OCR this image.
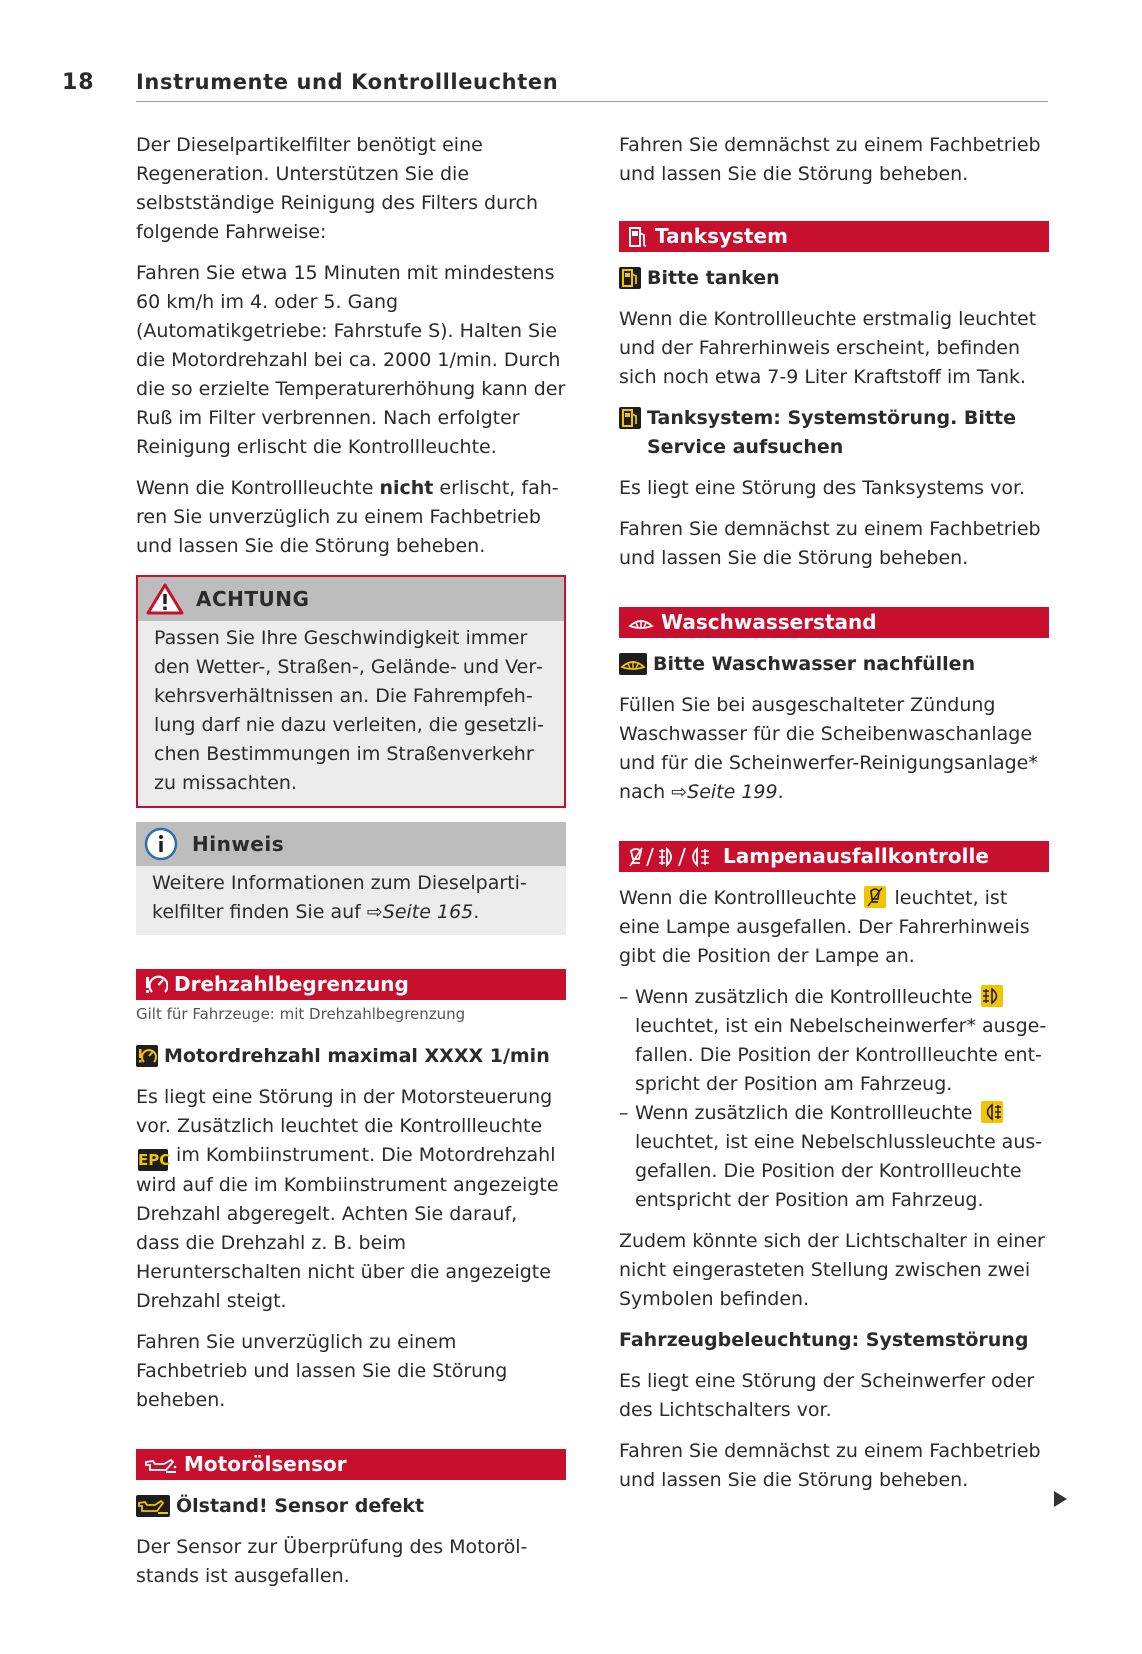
18 Instrumente und Kontrollleuchten

Der Dieselpartikelfilter benötigt eine Regeneration. Unterstützen Sie die selbstständige Reinigung des Filters durch folgende Fahrweise:

Fahren Sie etwa 15 Minuten mit mindestens 60 km/h im 4. oder 5. Gang (Automatikgetriebe: Fahrstufe S). Halten Sie die Motordrehzahl bei ca. 2000 1/min. Durch die so erzielte Temperaturerhöhung kann der Ruß im Filter verbrennen. Nach erfolgter Reinigung erlischt die Kontrollleuchte.

Wenn die Kontrollleuchte nicht erlischt, fahren Sie unverzüglich zu einem Fachbetrieb und lassen Sie die Störung beheben.

ACHTUNG
Passen Sie Ihre Geschwindigkeit immer den Wetter-, Straßen-, Gelände- und Verkehrsverhältnissen an. Die Fahrempfehlung darf nie dazu verleiten, die gesetzlichen Bestimmungen im Straßenverkehr zu missachten.
Hinweis
Weitere Informationen zum Dieselpartikelfilter finden Sie auf ⇨Seite 165.
Drehzahlbegrenzung
Gilt für Fahrzeuge: mit Drehzahlbegrenzung
Motordrehzahl maximal XXXX 1/min

Es liegt eine Störung in der Motorsteuerung vor. Zusätzlich leuchtet die Kontrollleuchte EPC im Kombiinstrument. Die Motordrehzahl wird auf die im Kombiinstrument angezeigte Drehzahl abgeregelt. Achten Sie darauf, dass die Drehzahl z. B. beim Herunterschalten nicht über die angezeigte Drehzahl steigt.

Fahren Sie unverzüglich zu einem Fachbetrieb und lassen Sie die Störung beheben.

Motorölsensor
Ölstand! Sensor defekt

Der Sensor zur Überprüfung des Motorölstands ist ausgefallen.

Fahren Sie demnächst zu einem Fachbetrieb und lassen Sie die Störung beheben.

Tanksystem
Bitte tanken

Wenn die Kontrollleuchte erstmalig leuchtet und der Fahrerhinweis erscheint, befinden sich noch etwa 7-9 Liter Kraftstoff im Tank.

Tanksystem: Systemstörung. Bitte Service aufsuchen

Es liegt eine Störung des Tanksystems vor.

Fahren Sie demnächst zu einem Fachbetrieb und lassen Sie die Störung beheben.

Waschwasserstand
Bitte Waschwasser nachfüllen

Füllen Sie bei ausgeschalteter Zündung Waschwasser für die Scheibenwaschanlage und für die Scheinwerfer-Reinigungsanlage* nach ⇨Seite 199.

Lampenausfallkontrolle

Wenn die Kontrollleuchte
leuchtet, ist eine Lampe ausgefallen. Der Fahrerhinweis gibt die Position der Lampe an.

– Wenn zusätzlich die Kontrollleuchte
leuchtet, ist ein Nebelscheinwerfer* ausgefallen. Die Position der Kontrollleuchte entspricht der Position am Fahrzeug.
– Wenn zusätzlich die Kontrollleuchte
leuchtet, ist eine Nebelschlussleuchte ausgefallen. Die Position der Kontrollleuchte entspricht der Position am Fahrzeug.

Zudem könnte sich der Lichtschalter in einer nicht eingerasteten Stellung zwischen zwei Symbolen befinden.

Fahrzeugbeleuchtung: Systemstörung

Es liegt eine Störung der Scheinwerfer oder des Lichtschalters vor.

Fahren Sie demnächst zu einem Fachbetrieb und lassen Sie die Störung beheben.
